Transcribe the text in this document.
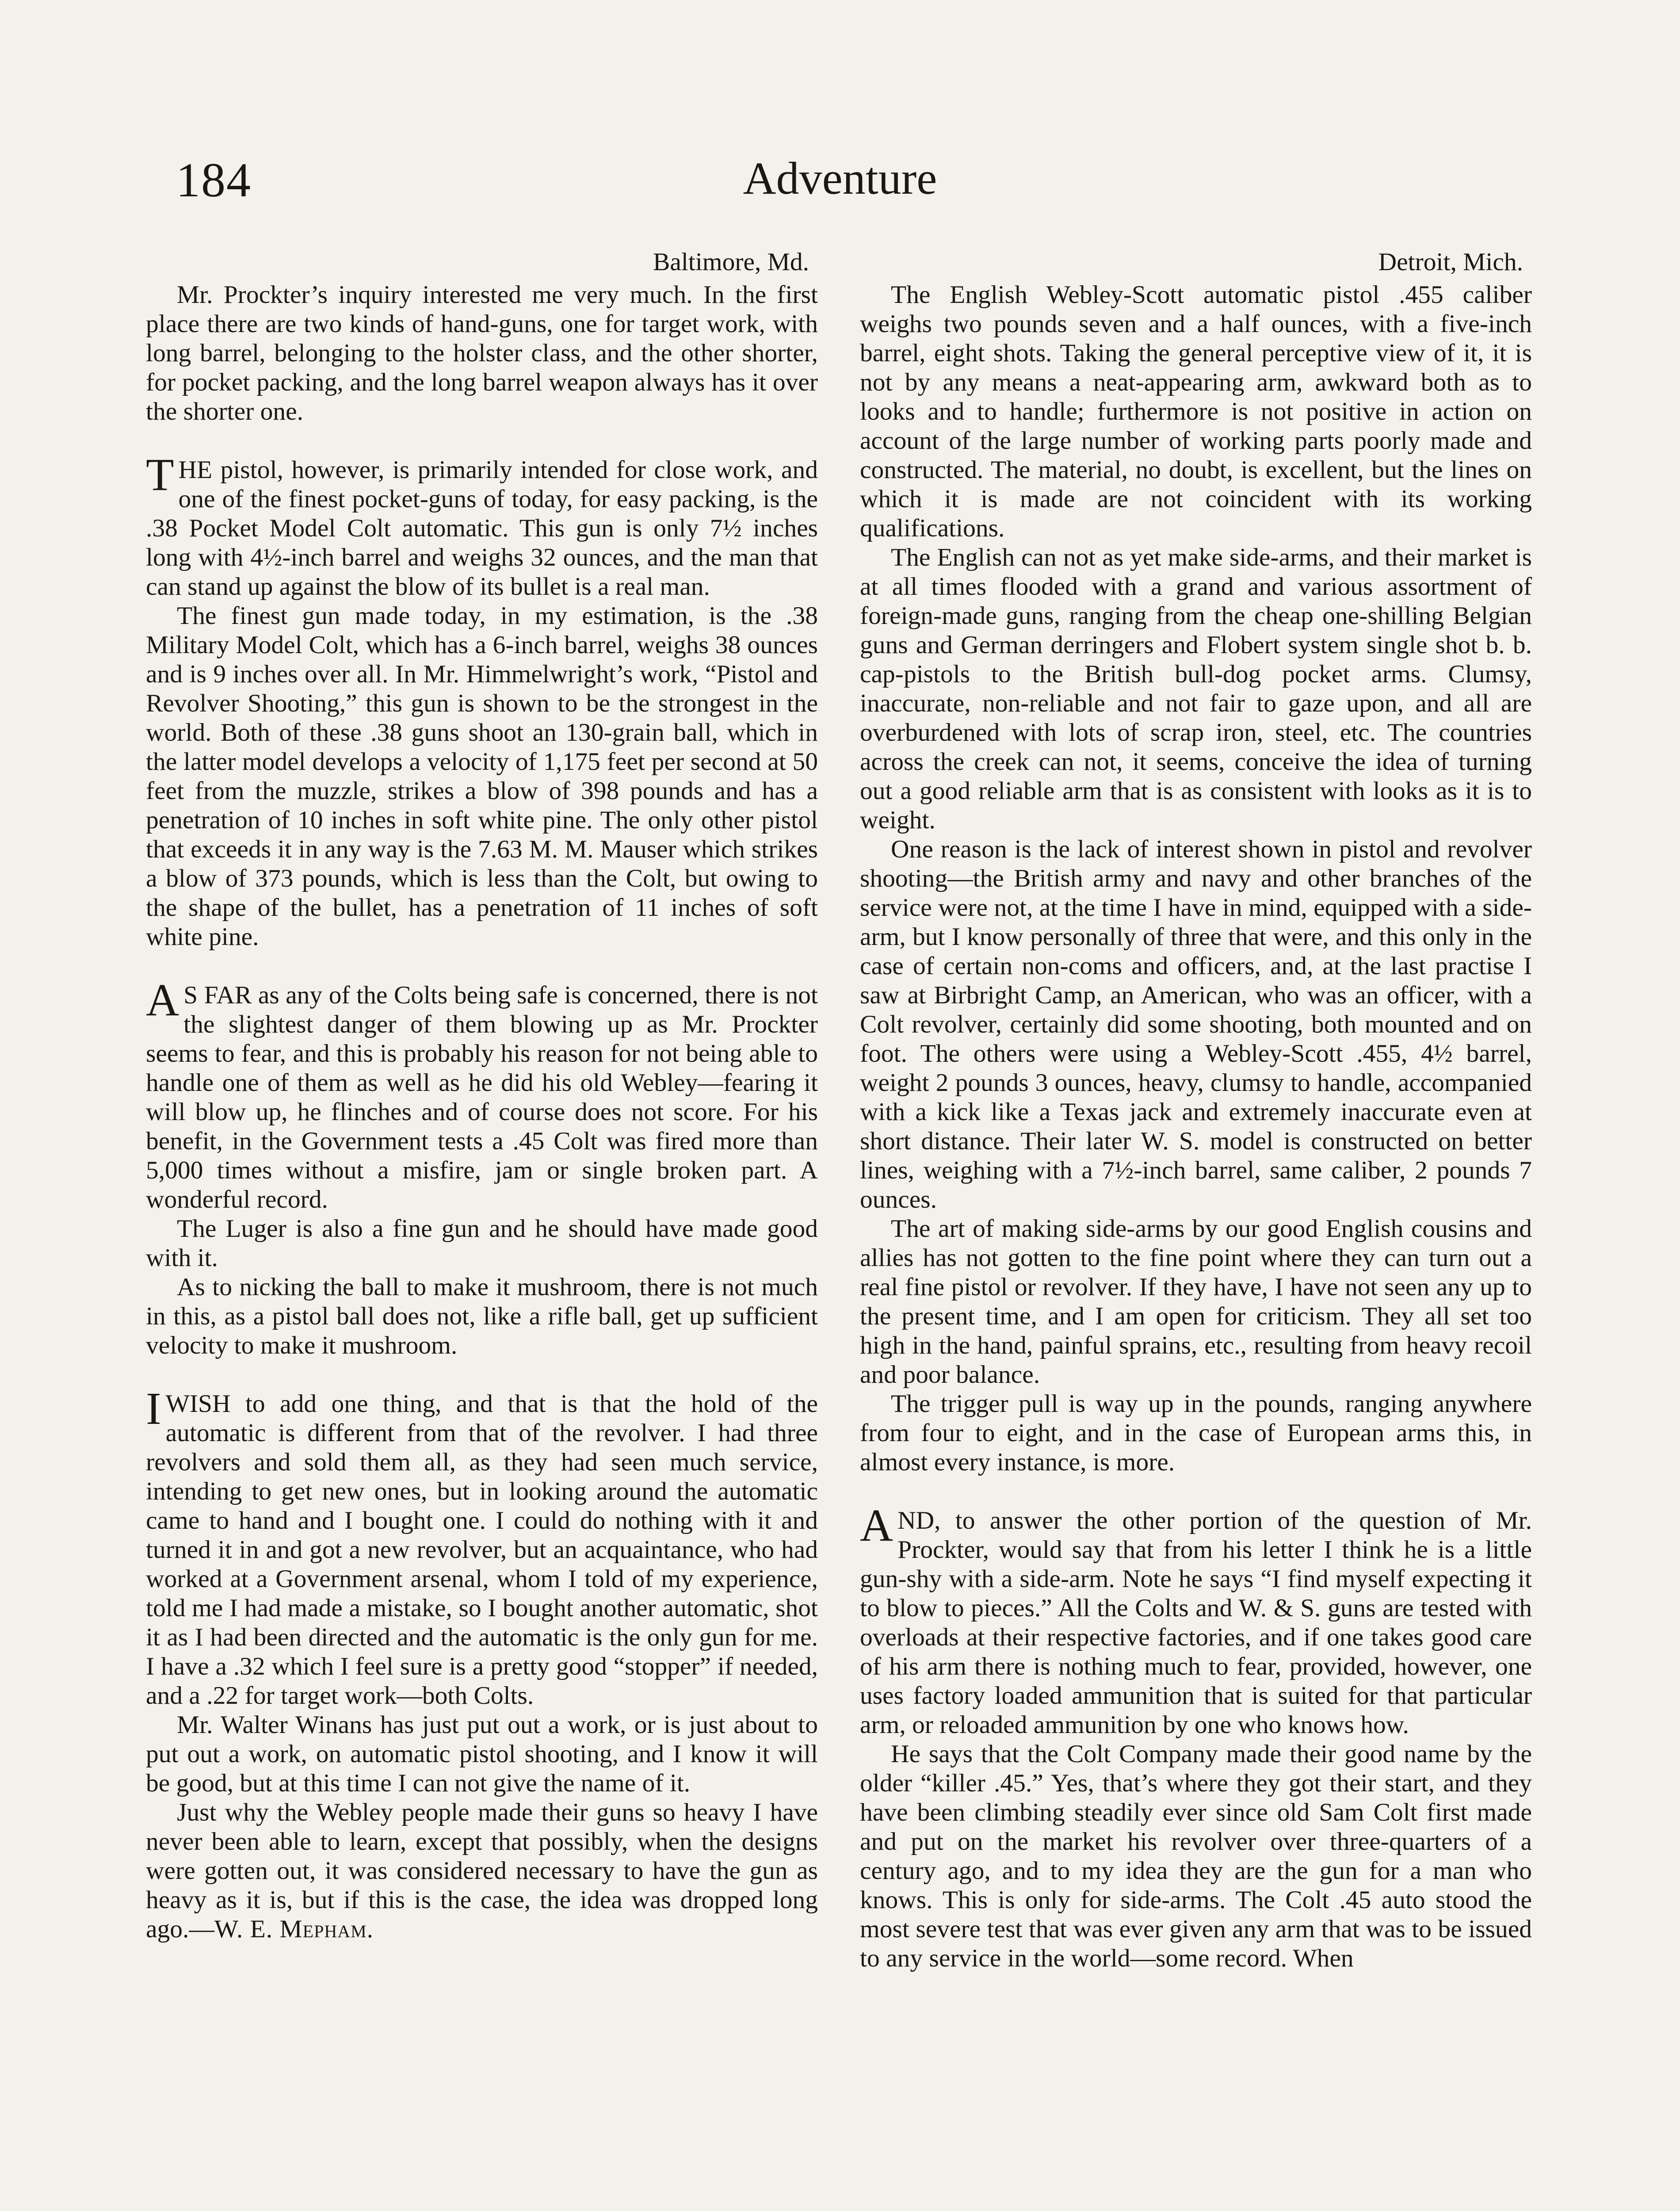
184	Adventure
Baltimore, Md.

Mr. Prockter’s inquiry interested me very much. In the first place there are two kinds of hand-guns, one for target work, with long barrel, belonging to the holster class, and the other shorter, for pocket packing, and the long barrel weapon always has it over the shorter one.

THE pistol, however, is primarily intended for close work, and one of the finest pocket-guns of today, for easy packing, is the .38 Pocket Model Colt automatic. This gun is only 7½ inches long with 4½-inch barrel and weighs 32 ounces, and the man that can stand up against the blow of its bullet is a real man.

The finest gun made today, in my estimation, is the .38 Military Model Colt, which has a 6-inch barrel, weighs 38 ounces and is 9 inches over all. In Mr. Himmelwright’s work, “Pistol and Revolver Shooting,” this gun is shown to be the strongest in the world. Both of these .38 guns shoot an 130-grain ball, which in the latter model develops a velocity of 1,175 feet per second at 50 feet from the muzzle, strikes a blow of 398 pounds and has a penetration of 10 inches in soft white pine. The only other pistol that exceeds it in any way is the 7.63 M. M. Mauser which strikes a blow of 373 pounds, which is less than the Colt, but owing to the shape of the bullet, has a penetration of 11 inches of soft white pine.

A S FAR as any of the Colts being safe is concerned, there is not the slightest danger of them blowing up as Mr. Prockter seems to fear, and this is probably his reason for not being able to handle one of them as well as he did his old Webley—fearing it will blow up, he flinches and of course does not score. For his benefit, in the Government tests a .45 Colt was fired more than 5,000 times without a misfire, jam or single broken part. A wonderful record.

The Luger is also a fine gun and he should have made good with it.

As to nicking the ball to make it mushroom, there is not much in this, as a pistol ball does not, like a rifle ball, get up sufficient velocity to make it mushroom.

I WISH to add one thing, and that is that the hold of the automatic is different from that of the revolver. I had three revolvers and sold them all, as they had seen much service, intending to get new ones, but in looking around the automatic came to hand and I bought one. I could do nothing with it and turned it in and got a new revolver, but an acquaintance, who had worked at a Government arsenal, whom I told of my experience, told me I had made a mistake, so I bought another automatic, shot it as I had been directed and the automatic is the only gun for me. I have a .32 which I feel sure is a pretty good “stopper” if needed, and a .22 for target work—both Colts.

Mr. Walter Winans has just put out a work, or is just about to put out a work, on automatic pistol shooting, and I know it will be good, but at this time I can not give the name of it.

Just why the Webley people made their guns so heavy I have never been able to learn, except that possibly, when the designs were gotten out, it was considered necessary to have the gun as heavy as it is, but if this is the case, the idea was dropped long ago.—W. E. Mepham.

Detroit, Mich.

The English Webley-Scott automatic pistol .455 caliber weighs two pounds seven and a half ounces, with a five-inch barrel, eight shots. Taking the general perceptive view of it, it is not by any means a neat-appearing arm, awkward both as to looks and to handle; furthermore is not positive in action on account of the large number of working parts poorly made and constructed. The material, no doubt, is excellent, but the lines on which it is made are not coincident with its working qualifications.

The English can not as yet make side-arms, and their market is at all times flooded with a grand and various assortment of foreign-made guns, ranging from the cheap one-shilling Belgian guns and German derringers and Flobert system single shot b. b. cap-pistols to the British bull-dog pocket arms. Clumsy, inaccurate, non-reliable and not fair to gaze upon, and all are overburdened with lots of scrap iron, steel, etc. The countries across the creek can not, it seems, conceive the idea of turning out a good reliable arm that is as consistent with looks as it is to weight.

One reason is the lack of interest shown in pistol and revolver shooting—the British army and navy and other branches of the service were not, at the time I have in mind, equipped with a side-arm, but I know personally of three that were, and this only in the case of certain non-coms and officers, and, at the last practise I saw at Birbright Camp, an American, who was an officer, with a Colt revolver, certainly did some shooting, both mounted and on foot. The others were using a Webley-Scott .455, 4½ barrel, weight 2 pounds 3 ounces, heavy, clumsy to handle, accompanied with a kick like a Texas jack and extremely inaccurate even at short distance. Their later W. S. model is constructed on better lines, weighing with a 7½-inch barrel, same caliber, 2 pounds 7 ounces.

The art of making side-arms by our good English cousins and allies has not gotten to the fine point where they can turn out a real fine pistol or revolver. If they have, I have not seen any up to the present time, and I am open for criticism. They all set too high in the hand, painful sprains, etc., resulting from heavy recoil and poor balance.

The trigger pull is way up in the pounds, ranging anywhere from four to eight, and in the case of European arms this, in almost every instance, is more.

AND, to answer the other portion of the question of Mr. Prockter, would say that from his letter I think he is a little gun-shy with a side-arm. Note he says “I find myself expecting it to blow to pieces.” All the Colts and W. & S. guns are tested with overloads at their respective factories, and if one takes good care of his arm there is nothing much to fear, provided, however, one uses factory loaded ammunition that is suited for that particular arm, or reloaded ammunition by one who knows how.

He says that the Colt Company made their good name by the older “killer .45.” Yes, that’s where they got their start, and they have been climbing steadily ever since old Sam Colt first made and put on the market his revolver over three-quarters of a century ago, and to my idea they are the gun for a man who knows. This is only for side-arms. The Colt .45 auto stood the most severe test that was ever given any arm that was to be issued to any service in the world—some record. When
